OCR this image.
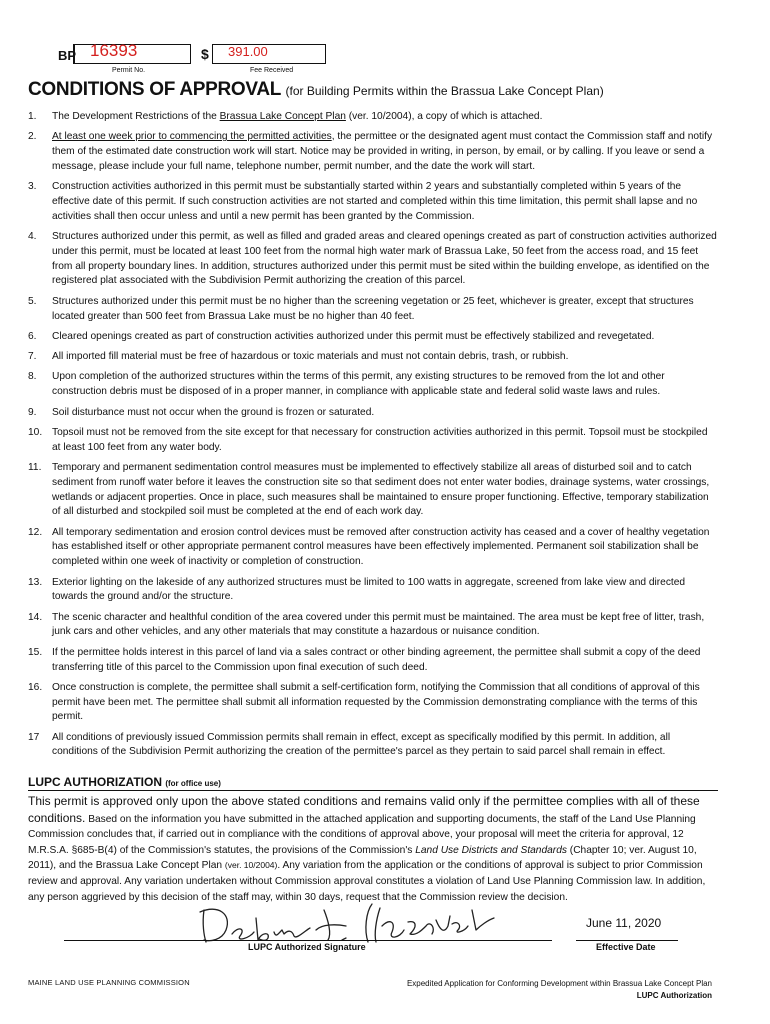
BP 16393
Permit No.
$ 391.00
Fee Received
CONDITIONS OF APPROVAL (for Building Permits within the Brassua Lake Concept Plan)
1.	The Development Restrictions of the Brassua Lake Concept Plan (ver. 10/2004), a copy of which is attached.
2.	At least one week prior to commencing the permitted activities, the permittee or the designated agent must contact the Commission staff and notify them of the estimated date construction work will start. Notice may be provided in writing, in person, by email, or by calling. If you leave or send a message, please include your full name, telephone number, permit number, and the date the work will start.
3.	Construction activities authorized in this permit must be substantially started within 2 years and substantially completed within 5 years of the effective date of this permit. If such construction activities are not started and completed within this time limitation, this permit shall lapse and no activities shall then occur unless and until a new permit has been granted by the Commission.
4.	Structures authorized under this permit, as well as filled and graded areas and cleared openings created as part of construction activities authorized under this permit, must be located at least 100 feet from the normal high water mark of Brassua Lake, 50 feet from the access road, and 15 feet from all property boundary lines. In addition, structures authorized under this permit must be sited within the building envelope, as identified on the registered plat associated with the Subdivision Permit authorizing the creation of this parcel.
5.	Structures authorized under this permit must be no higher than the screening vegetation or 25 feet, whichever is greater, except that structures located greater than 500 feet from Brassua Lake must be no higher than 40 feet.
6.	Cleared openings created as part of construction activities authorized under this permit must be effectively stabilized and revegetated.
7.	All imported fill material must be free of hazardous or toxic materials and must not contain debris, trash, or rubbish.
8.	Upon completion of the authorized structures within the terms of this permit, any existing structures to be removed from the lot and other construction debris must be disposed of in a proper manner, in compliance with applicable state and federal solid waste laws and rules.
9.	Soil disturbance must not occur when the ground is frozen or saturated.
10. Topsoil must not be removed from the site except for that necessary for construction activities authorized in this permit. Topsoil must be stockpiled at least 100 feet from any water body.
11.	Temporary and permanent sedimentation control measures must be implemented to effectively stabilize all areas of disturbed soil and to catch sediment from runoff water before it leaves the construction site so that sediment does not enter water bodies, drainage systems, water crossings, wetlands or adjacent properties. Once in place, such measures shall be maintained to ensure proper functioning. Effective, temporary stabilization of all disturbed and stockpiled soil must be completed at the end of each work day.
12. All temporary sedimentation and erosion control devices must be removed after construction activity has ceased and a cover of healthy vegetation has established itself or other appropriate permanent control measures have been effectively implemented. Permanent soil stabilization shall be completed within one week of inactivity or completion of construction.
13. Exterior lighting on the lakeside of any authorized structures must be limited to 100 watts in aggregate, screened from lake view and directed towards the ground and/or the structure.
14. The scenic character and healthful condition of the area covered under this permit must be maintained. The area must be kept free of litter, trash, junk cars and other vehicles, and any other materials that may constitute a hazardous or nuisance condition.
15. If the permittee holds interest in this parcel of land via a sales contract or other binding agreement, the permittee shall submit a copy of the deed transferring title of this parcel to the Commission upon final execution of such deed.
16. Once construction is complete, the permittee shall submit a self-certification form, notifying the Commission that all conditions of approval of this permit have been met. The permittee shall submit all information requested by the Commission demonstrating compliance with the terms of this permit.
17	All conditions of previously issued Commission permits shall remain in effect, except as specifically modified by this permit. In addition, all conditions of the Subdivision Permit authorizing the creation of the permittee's parcel as they pertain to said parcel shall remain in effect.
LUPC AUTHORIZATION (for office use)
This permit is approved only upon the above stated conditions and remains valid only if the permittee complies with all of these conditions. Based on the information you have submitted in the attached application and supporting documents, the staff of the Land Use Planning Commission concludes that, if carried out in compliance with the conditions of approval above, your proposal will meet the criteria for approval, 12 M.R.S.A. §685-B(4) of the Commission's statutes, the provisions of the Commission's Land Use Districts and Standards (Chapter 10; ver. August 10, 2011), and the Brassua Lake Concept Plan (ver. 10/2004). Any variation from the application or the conditions of approval is subject to prior Commission review and approval. Any variation undertaken without Commission approval constitutes a violation of Land Use Planning Commission law. In addition, any person aggrieved by this decision of the staff may, within 30 days, request that the Commission review the decision.
LUPC Authorized Signature
June 11, 2020
Effective Date
MAINE LAND USE PLANNING COMMISSION	Expedited Application for Conforming Development within Brassua Lake Concept Plan
LUPC Authorization
